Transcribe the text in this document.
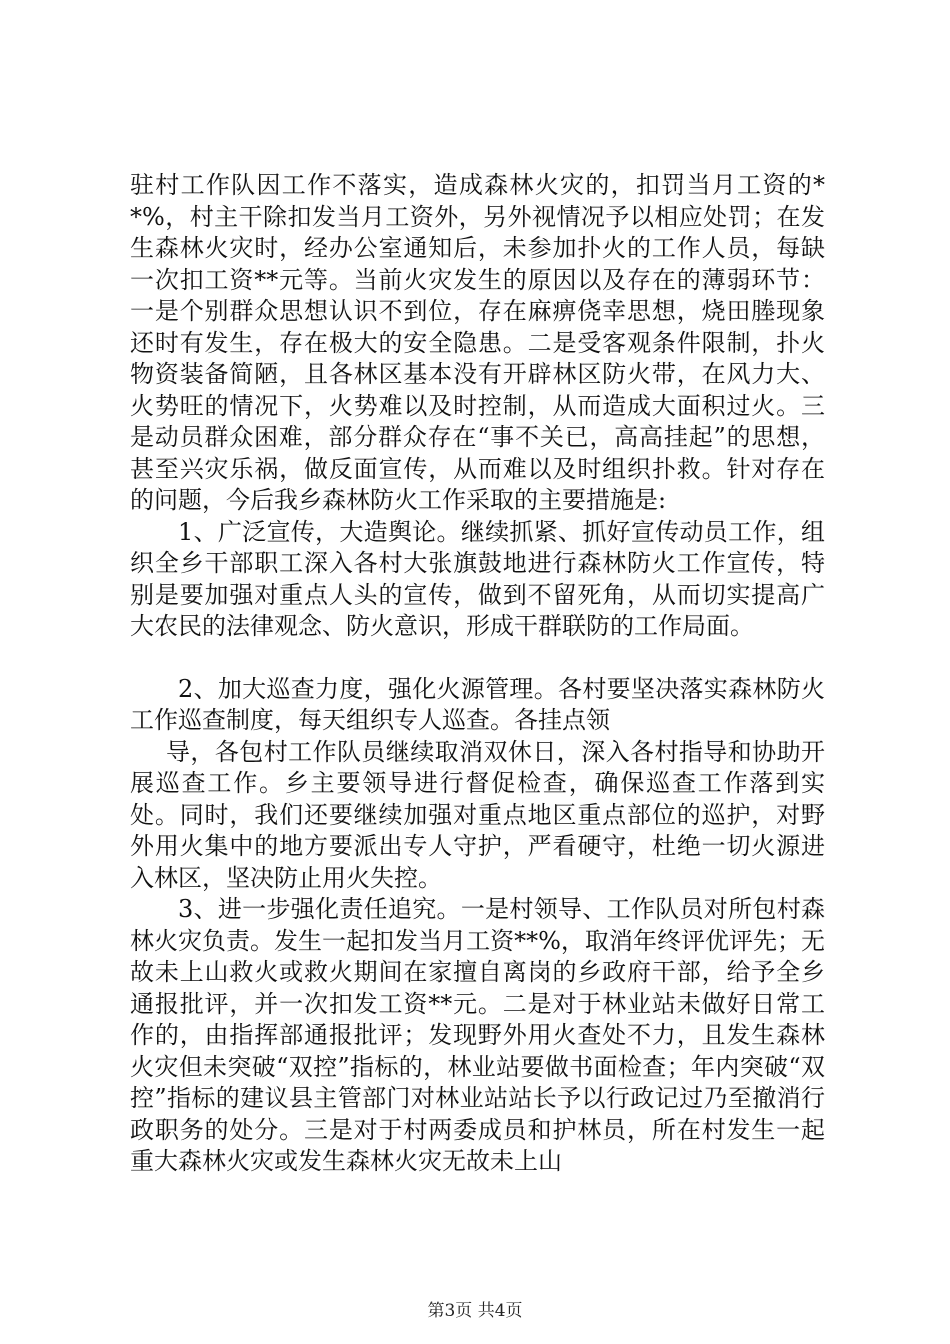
驻村工作队因工作不落实，造成森林火灾的，扣罚当月工资的**%，村主干除扣发当月工资外，另外视情况予以相应处罚；在发生森林火灾时，经办公室通知后，未参加扑火的工作人员，每缺一次扣工资**元等。当前火灾发生的原因以及存在的薄弱环节：一是个别群众思想认识不到位，存在麻痹侥幸思想，烧田塍现象还时有发生，存在极大的安全隐患。二是受客观条件限制，扑火物资装备简陋，且各林区基本没有开辟林区防火带，在风力大、火势旺的情况下，火势难以及时控制，从而造成大面积过火。三是动员群众困难，部分群众存在“事不关已，高高挂起”的思想，甚至兴灾乐祸，做反面宣传，从而难以及时组织扑救。针对存在的问题，今后我乡森林防火工作采取的主要措施是:

1、广泛宣传，大造舆论。继续抓紧、抓好宣传动员工作，组织全乡干部职工深入各村大张旗鼓地进行森林防火工作宣传，特别是要加强对重点人头的宣传，做到不留死角，从而切实提高广大农民的法律观念、防火意识，形成干群联防的工作局面。

2、加大巡查力度，强化火源管理。各村要坚决落实森林防火工作巡查制度，每天组织专人巡查。各挂点领

导，各包村工作队员继续取消双休日，深入各村指导和协助开展巡查工作。乡主要领导进行督促检查，确保巡查工作落到实处。同时，我们还要继续加强对重点地区重点部位的巡护，对野外用火集中的地方要派出专人守护，严看硬守，杜绝一切火源进入林区，坚决防止用火失控。

3、进一步强化责任追究。一是村领导、工作队员对所包村森林火灾负责。发生一起扣发当月工资**%，取消年终评优评先；无故未上山救火或救火期间在家擅自离岗的乡政府干部，给予全乡通报批评，并一次扣发工资**元。二是对于林业站未做好日常工作的，由指挥部通报批评；发现野外用火查处不力，且发生森林火灾但未突破“双控”指标的，林业站要做书面检查；年内突破“双控”指标的建议县主管部门对林业站站长予以行政记过乃至撤消行政职务的处分。三是对于村两委成员和护林员，所在村发生一起重大森林火灾或发生森林火灾无故未上山

第3页 共4页
